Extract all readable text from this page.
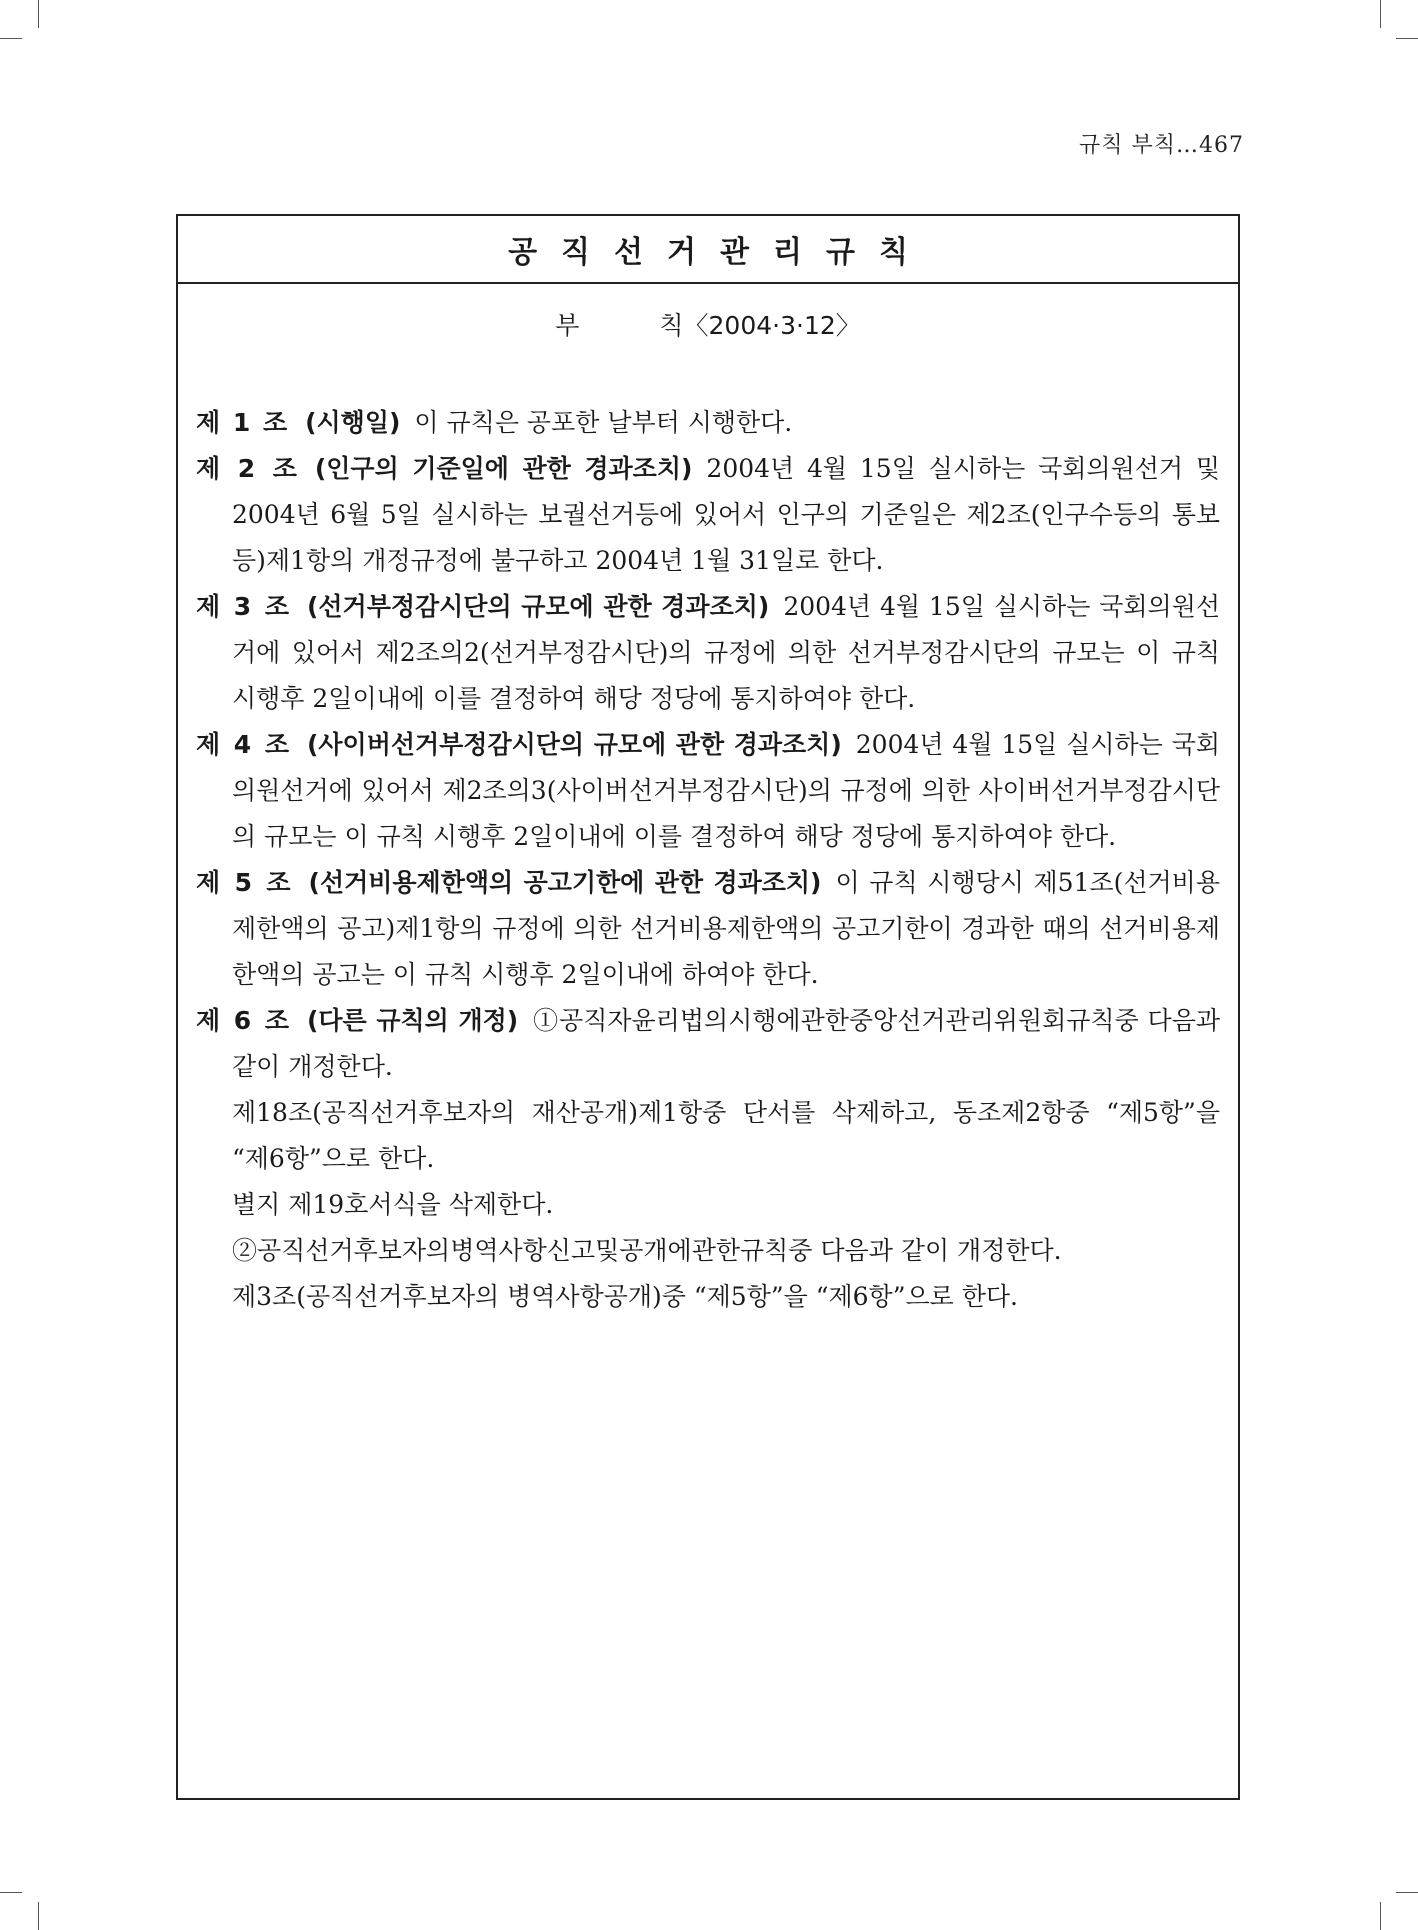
규칙 부칙…467
공직선거관리규칙
부	칙〈2004·3·12〉

제 1 조 (시행일) 이 규칙은 공포한 날부터 시행한다.

제 2 조 (인구의 기준일에 관한 경과조치) 2004년 4월 15일 실시하는 국회의원선거 및 2004년 6월 5일 실시하는 보궐선거등에 있어서 인구의 기준일은 제2조(인구수등의 통보등)제1항의 개정규정에 불구하고 2004년 1월 31일로 한다.

제 3 조 (선거부정감시단의 규모에 관한 경과조치) 2004년 4월 15일 실시하는 국회의원선거에 있어서 제2조의2(선거부정감시단)의 규정에 의한 선거부정감시단의 규모는 이 규칙 시행후 2일이내에 이를 결정하여 해당 정당에 통지하여야 한다.

제 4 조 (사이버선거부정감시단의 규모에 관한 경과조치) 2004년 4월 15일 실시하는 국회의원선거에 있어서 제2조의3(사이버선거부정감시단)의 규정에 의한 사이버선거부정감시단의 규모는 이 규칙 시행후 2일이내에 이를 결정하여 해당 정당에 통지하여야 한다.

제 5 조 (선거비용제한액의 공고기한에 관한 경과조치) 이 규칙 시행당시 제51조(선거비용제한액의 공고)제1항의 규정에 의한 선거비용제한액의 공고기한이 경과한 때의 선거비용제한액의 공고는 이 규칙 시행후 2일이내에 하여야 한다.

제 6 조 (다른 규칙의 개정) ①공직자윤리법의시행에관한중앙선거관리위원회규칙중 다음과 같이 개정한다.

제18조(공직선거후보자의 재산공개)제1항중 단서를 삭제하고, 동조제2항중 “제5항”을 “제6항”으로 한다.

별지 제19호서식을 삭제한다.

②공직선거후보자의병역사항신고및공개에관한규칙중 다음과 같이 개정한다.

제3조(공직선거후보자의 병역사항공개)중 “제5항”을 “제6항”으로 한다.
